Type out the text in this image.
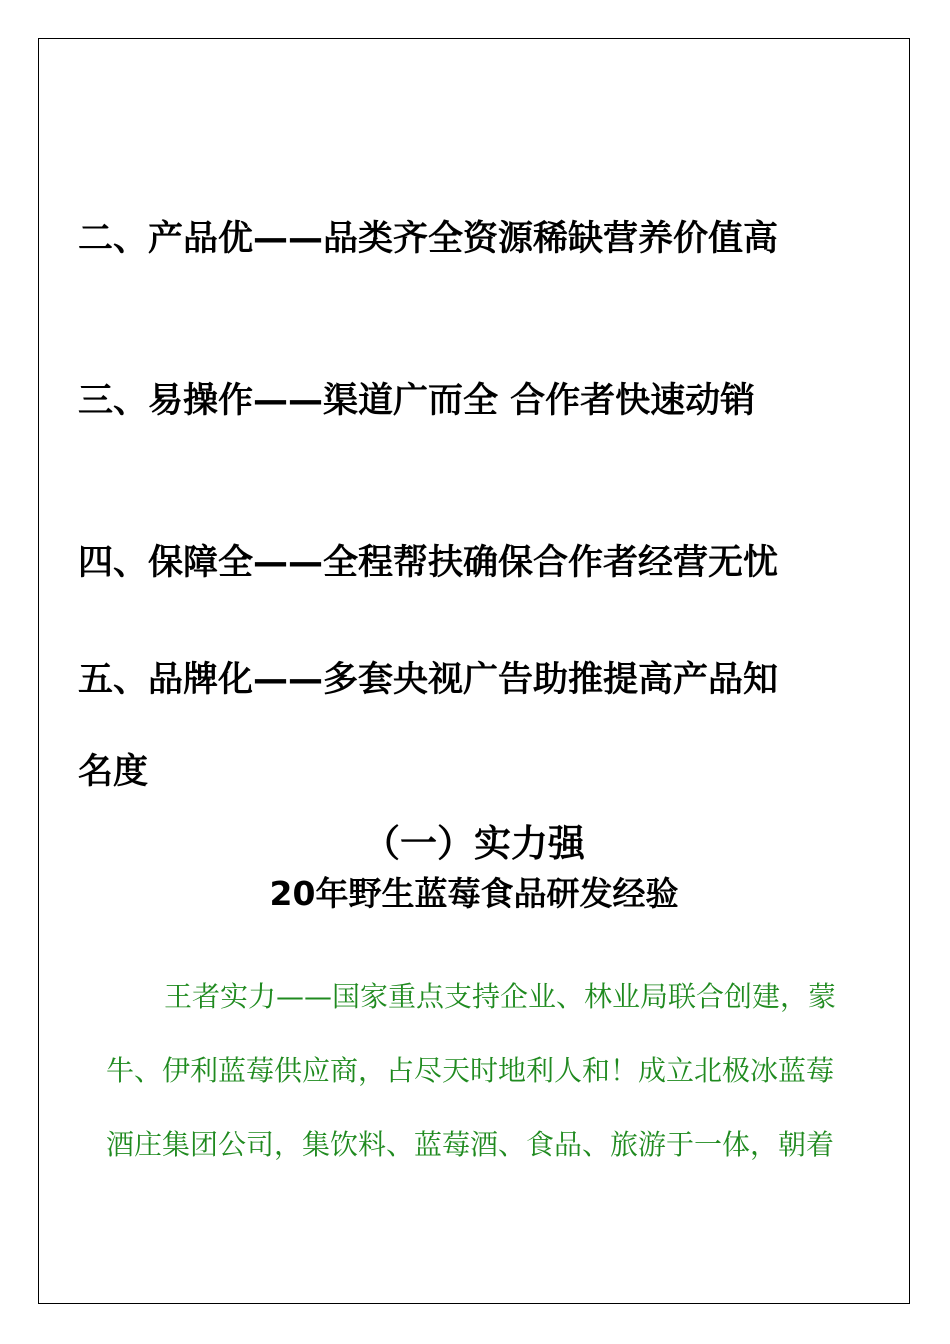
二、产品优——品类齐全资源稀缺营养价值高
三、易操作——渠道广而全 合作者快速动销
四、保障全——全程帮扶确保合作者经营无忧
五、品牌化——多套央视广告助推提高产品知
名度
（一）实力强
20年野生蓝莓食品研发经验
王者实力——国家重点支持企业、林业局联合创建，蒙
牛、伊利蓝莓供应商，占尽天时地利人和！成立北极冰蓝莓
酒庄集团公司，集饮料、蓝莓酒、食品、旅游于一体，朝着
